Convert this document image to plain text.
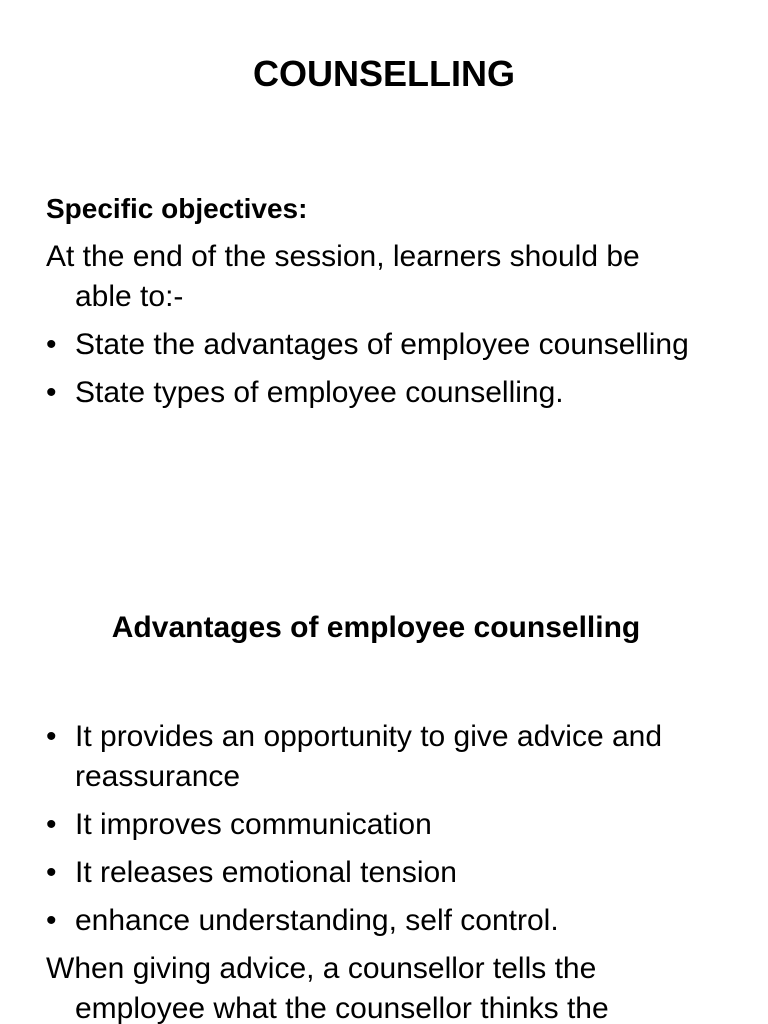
COUNSELLING
Specific objectives:
At the end of the session, learners should be
able to:-
• State the advantages of employee counselling
• State types of employee counselling.
Advantages of employee counselling
• It provides an opportunity to give advice and reassurance
• It improves communication
• It releases emotional tension
• enhance understanding, self control.
When giving advice, a counsellor tells the
employee what the counsellor thinks the
